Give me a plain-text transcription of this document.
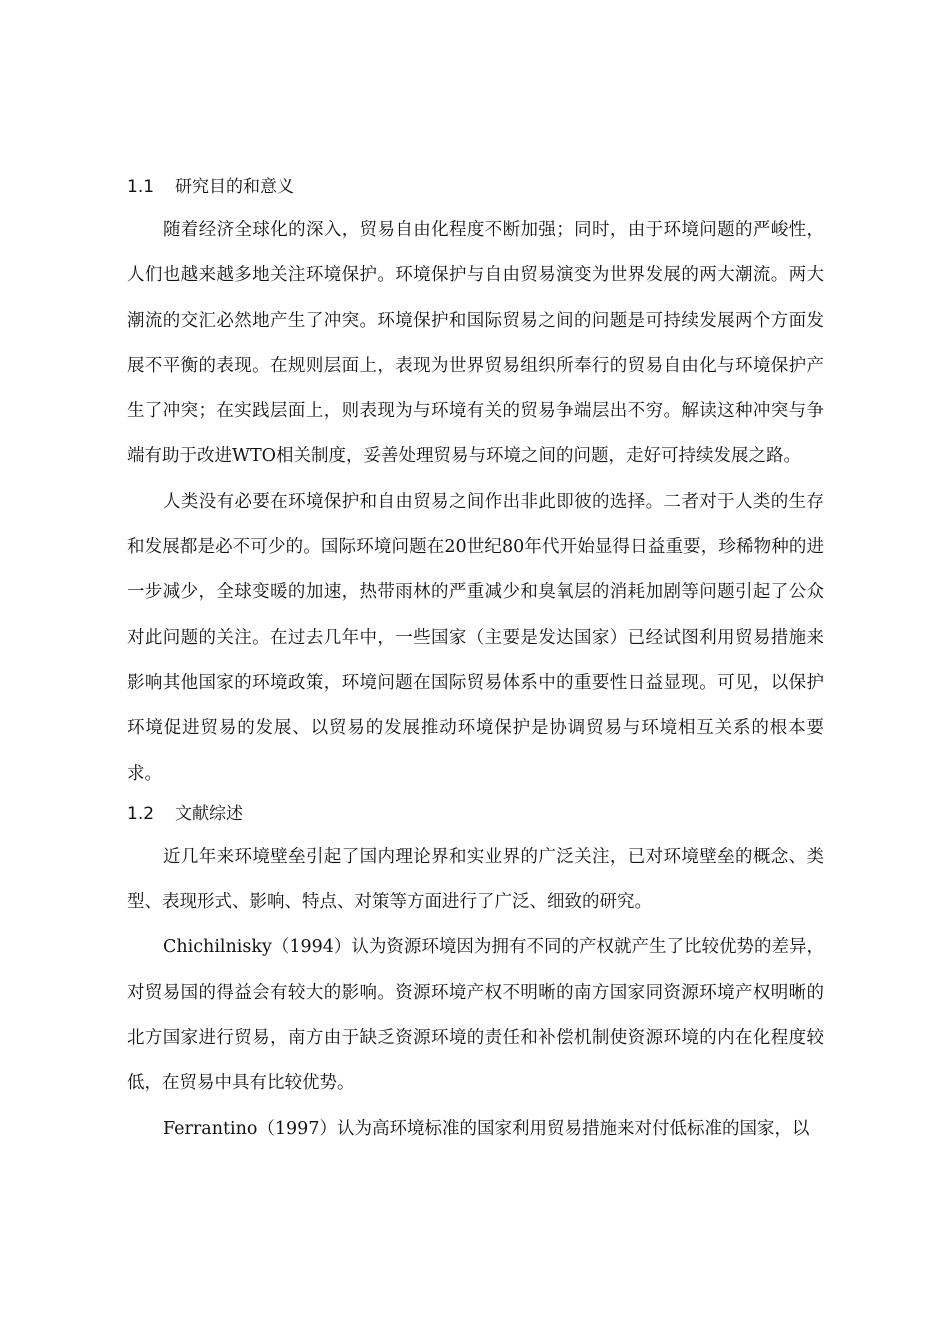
1.1 研究目的和意义

随着经济全球化的深入，贸易自由化程度不断加强；同时，由于环境问题的严峻性，人们也越来越多地关注环境保护。环境保护与自由贸易演变为世界发展的两大潮流。两大潮流的交汇必然地产生了冲突。环境保护和国际贸易之间的问题是可持续发展两个方面发展不平衡的表现。在规则层面上，表现为世界贸易组织所奉行的贸易自由化与环境保护产生了冲突；在实践层面上，则表现为与环境有关的贸易争端层出不穷。解读这种冲突与争端有助于改进WTO相关制度，妥善处理贸易与环境之间的问题，走好可持续发展之路。

人类没有必要在环境保护和自由贸易之间作出非此即彼的选择。二者对于人类的生存和发展都是必不可少的。国际环境问题在20世纪80年代开始显得日益重要，珍稀物种的进一步减少，全球变暖的加速，热带雨林的严重减少和臭氧层的消耗加剧等问题引起了公众对此问题的关注。在过去几年中，一些国家（主要是发达国家）已经试图利用贸易措施来影响其他国家的环境政策，环境问题在国际贸易体系中的重要性日益显现。可见，以保护环境促进贸易的发展、以贸易的发展推动环境保护是协调贸易与环境相互关系的根本要求。

1.2 文献综述

近几年来环境壁垒引起了国内理论界和实业界的广泛关注，已对环境壁垒的概念、类型、表现形式、影响、特点、对策等方面进行了广泛、细致的研究。

Chichilnisky（1994）认为资源环境因为拥有不同的产权就产生了比较优势的差异，对贸易国的得益会有较大的影响。资源环境产权不明晰的南方国家同资源环境产权明晰的北方国家进行贸易，南方由于缺乏资源环境的责任和补偿机制使资源环境的内在化程度较低，在贸易中具有比较优势。

Ferrantino（1997）认为高环境标准的国家利用贸易措施来对付低标准的国家，以
